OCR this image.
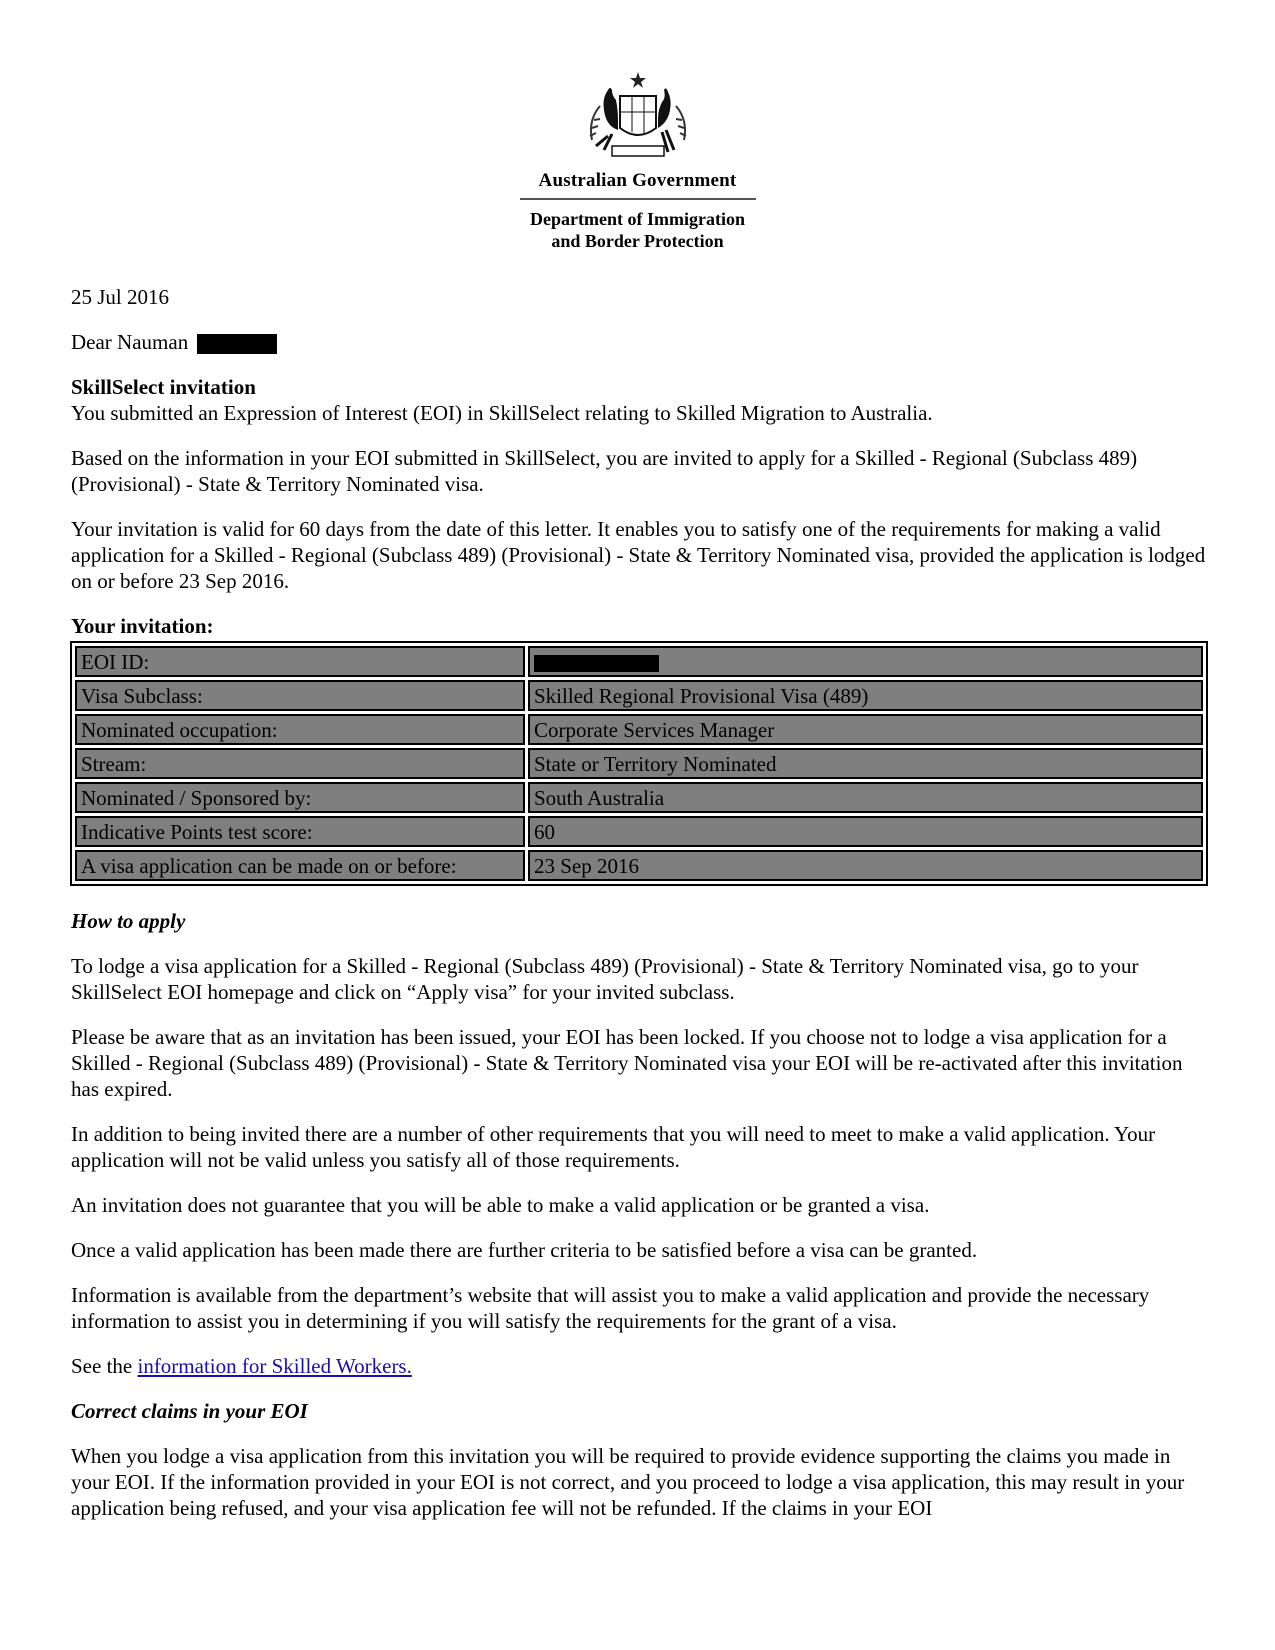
Australian Government
Department of Immigration
and Border Protection

25 Jul 2016

Dear Nauman

SkillSelect invitation

You submitted an Expression of Interest (EOI) in SkillSelect relating to Skilled Migration to Australia.

Based on the information in your EOI submitted in SkillSelect, you are invited to apply for a Skilled - Regional (Subclass 489) (Provisional) - State & Territory Nominated visa.

Your invitation is valid for 60 days from the date of this letter. It enables you to satisfy one of the requirements for making a valid application for a Skilled - Regional (Subclass 489) (Provisional) - State & Territory Nominated visa, provided the application is lodged on or before 23 Sep 2016.

Your invitation:

EOI ID:	
Visa Subclass:	Skilled Regional Provisional Visa (489)
Nominated occupation:	Corporate Services Manager
Stream:	State or Territory Nominated
Nominated / Sponsored by:	South Australia
Indicative Points test score:	60
A visa application can be made on or before:	23 Sep 2016

How to apply

To lodge a visa application for a Skilled - Regional (Subclass 489) (Provisional) - State & Territory Nominated visa, go to your SkillSelect EOI homepage and click on “Apply visa” for your invited subclass.

Please be aware that as an invitation has been issued, your EOI has been locked. If you choose not to lodge a visa application for a Skilled - Regional (Subclass 489) (Provisional) - State & Territory Nominated visa your EOI will be re-activated after this invitation has expired.

In addition to being invited there are a number of other requirements that you will need to meet to make a valid application. Your application will not be valid unless you satisfy all of those requirements.

An invitation does not guarantee that you will be able to make a valid application or be granted a visa.

Once a valid application has been made there are further criteria to be satisfied before a visa can be granted.

Information is available from the department’s website that will assist you to make a valid application and provide the necessary information to assist you in determining if you will satisfy the requirements for the grant of a visa.

See the information for Skilled Workers.

Correct claims in your EOI

When you lodge a visa application from this invitation you will be required to provide evidence supporting the claims you made in your EOI. If the information provided in your EOI is not correct, and you proceed to lodge a visa application, this may result in your application being refused, and your visa application fee will not be refunded. If the claims in your EOI
